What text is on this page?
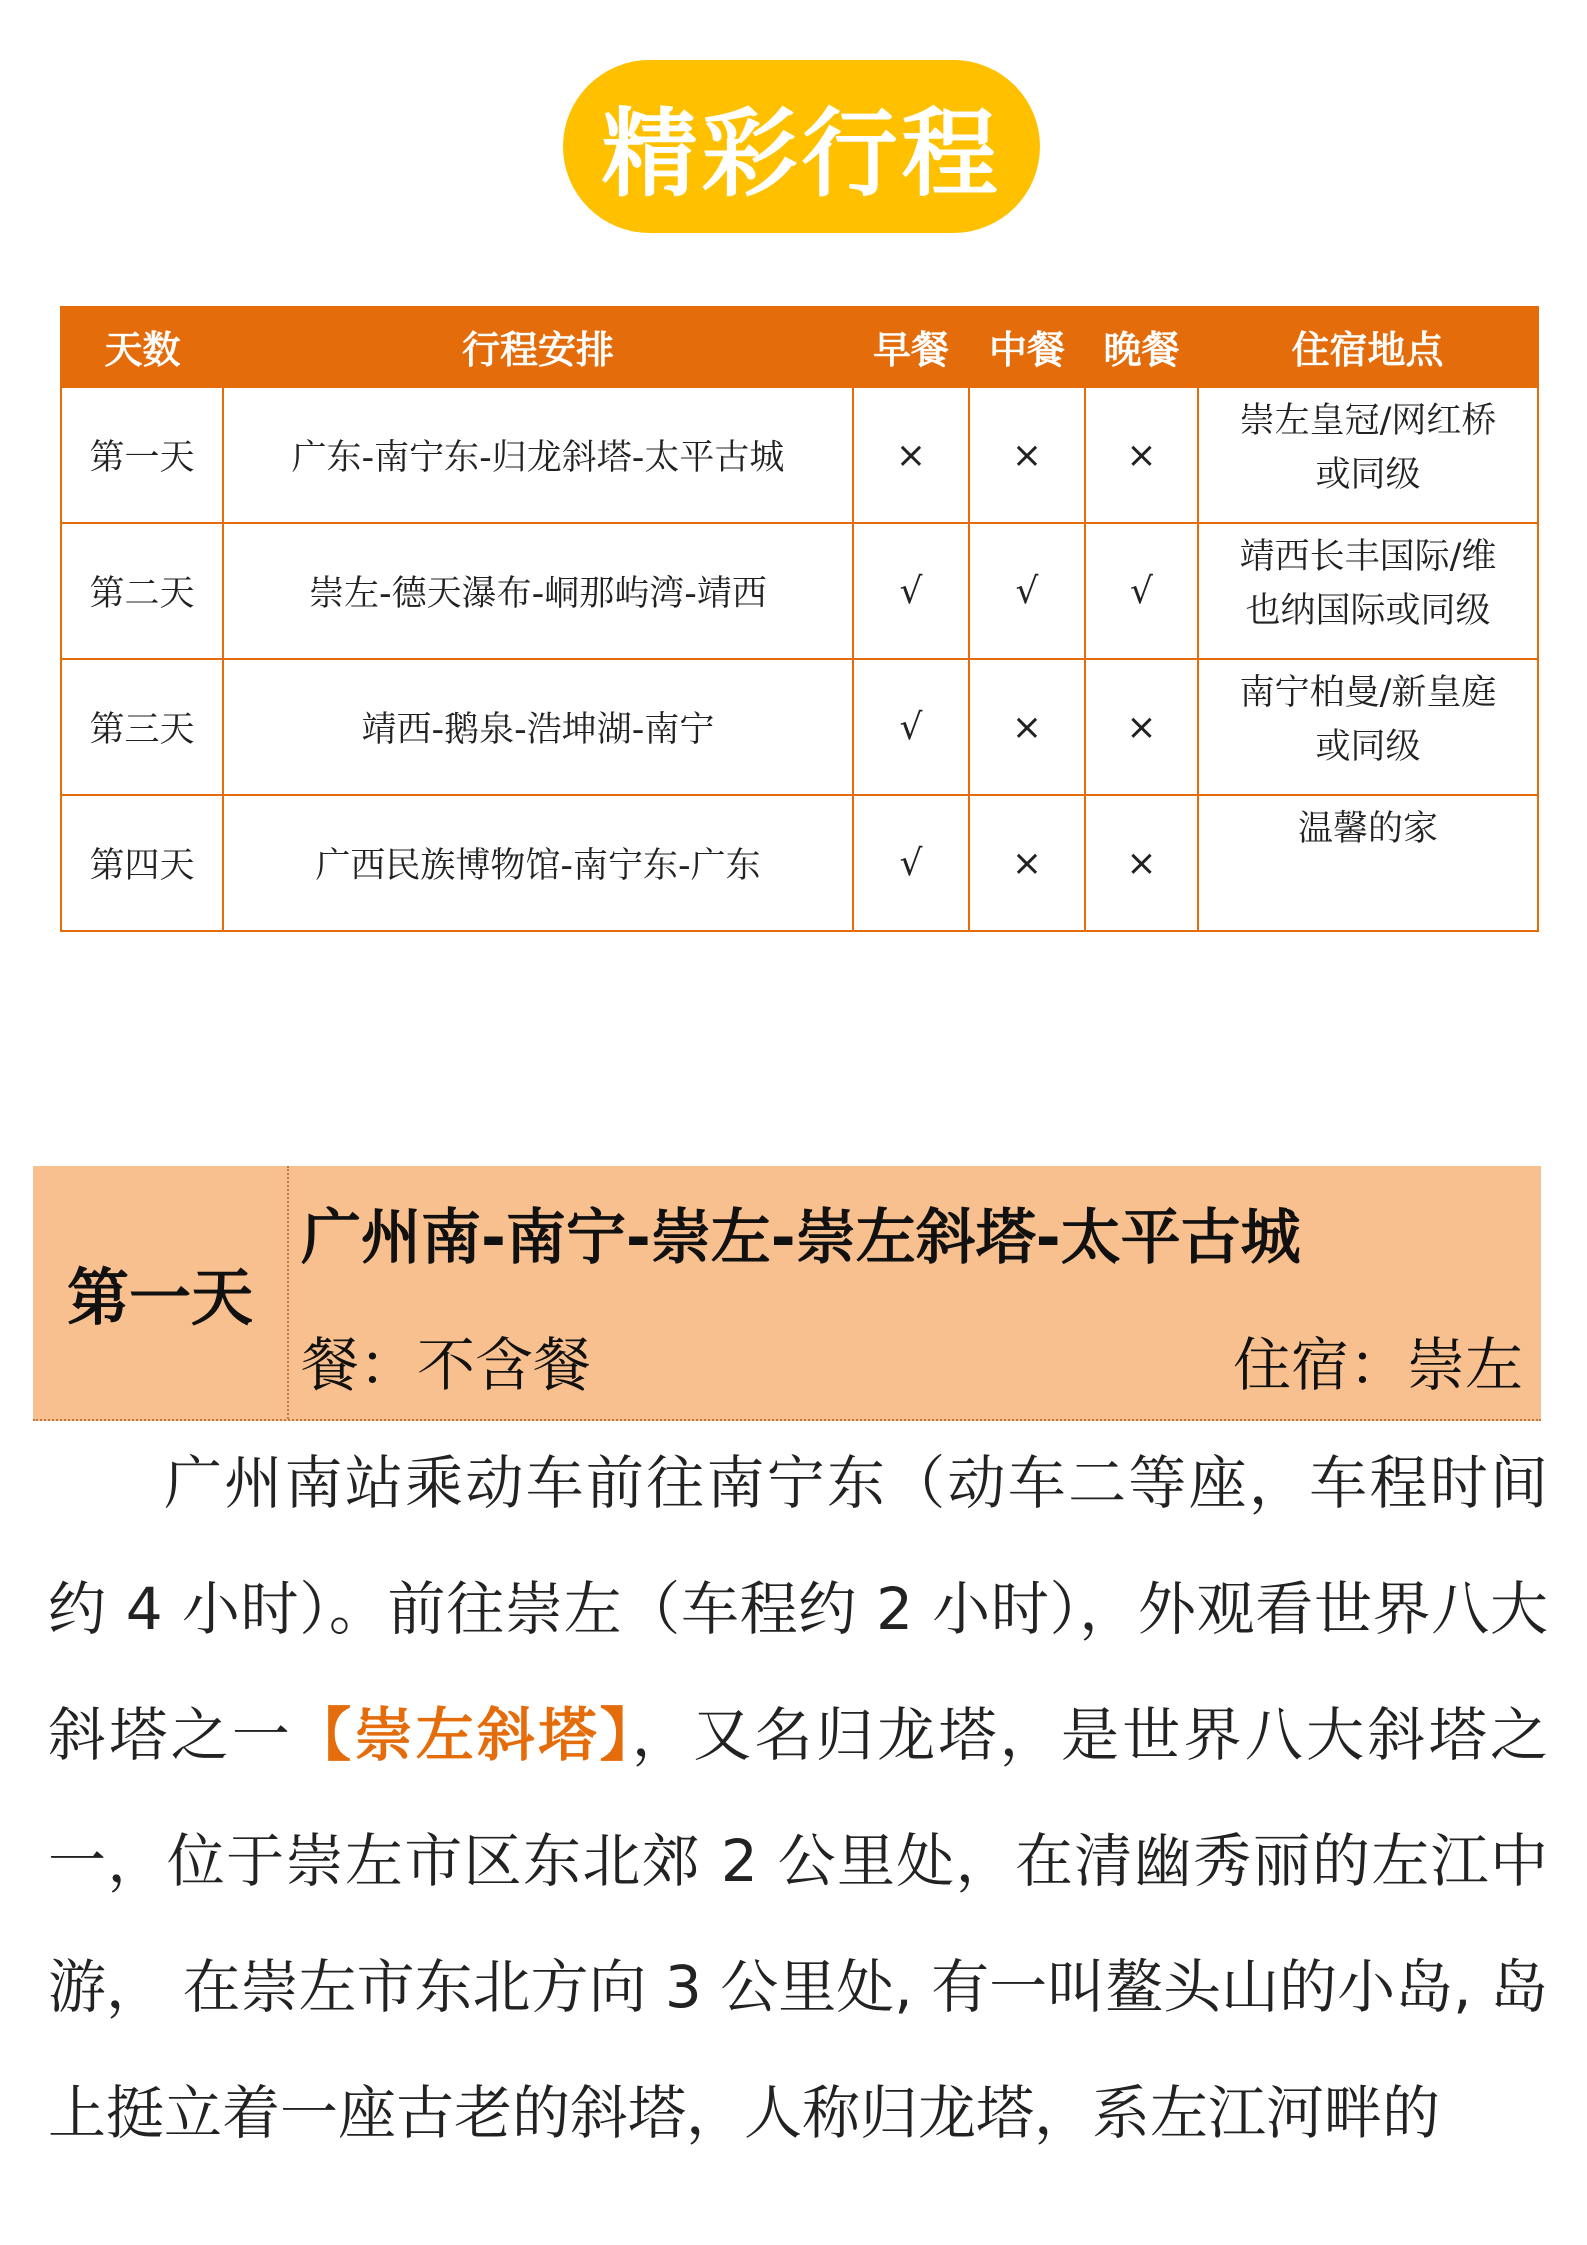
精彩行程
天数	行程安排	早餐	中餐	晚餐	住宿地点
第一天	广东-南宁东-归龙斜塔-太平古城	×	×	×	崇左皇冠/网红桥
或同级

第二天	崇左-德天瀑布-峒那屿湾-靖西	√	√	√	靖西长丰国际/维
也纳国际或同级

第三天	靖西-鹅泉-浩坤湖-南宁	√	×	×	南宁柏曼/新皇庭
或同级

第四天	广西民族博物馆-南宁东-广东	√	×	×	温馨的家
第一天
广州南-南宁-崇左-崇左斜塔-太平古城
餐：不含餐	住宿：崇左

广州南站乘动车前往南宁东（动车二等座，车程时间约 4 小时）。前往崇左（车程约 2 小时），外观看世界八大斜塔之一【崇左斜塔】，又名归龙塔，是世界八大斜塔之一，位于崇左市区东北郊 2 公里处，在清幽秀丽的左江中游， 在崇左市东北方向 3 公里处, 有一叫鳌头山的小岛, 岛上挺立着一座古老的斜塔，人称归龙塔，系左江河畔的
